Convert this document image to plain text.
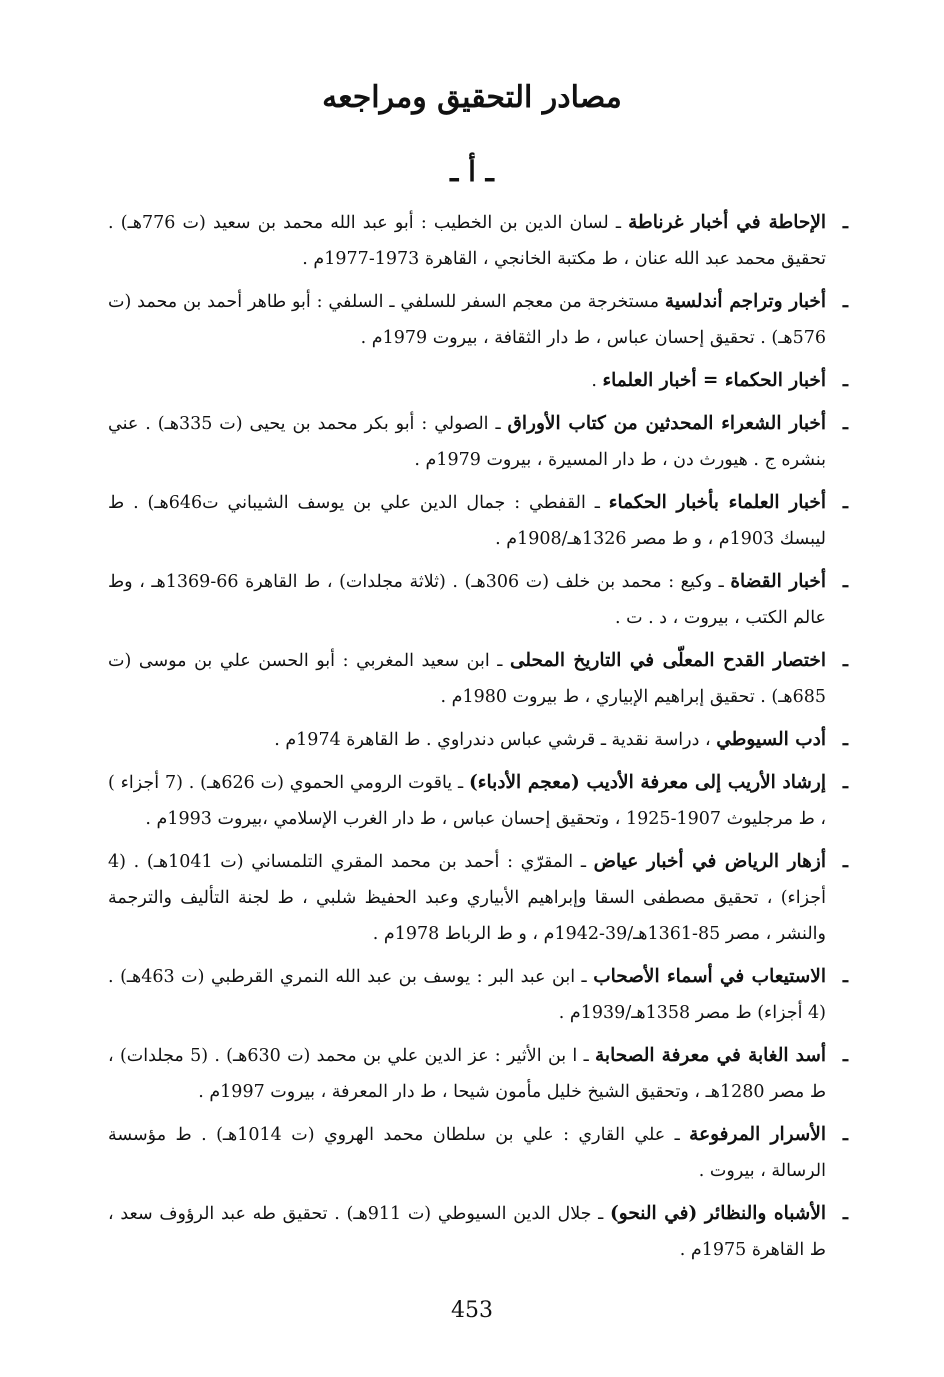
مصادر التحقيق ومراجعه
ـ أ ـ
ـ
الإحاطة في أخبار غرناطة ـ لسان الدين بن الخطيب : أبو عبد الله محمد بن سعيد (ت 776هـ) . تحقيق محمد عبد الله عنان ، ط مكتبة الخانجي ، القاهرة 1973-1977م .
ـ
أخبار وتراجم أندلسية مستخرجة من معجم السفر للسلفي ـ السلفي : أبو طاهر أحمد بن محمد (ت 576هـ) . تحقيق إحسان عباس ، ط دار الثقافة ، بيروت 1979م .
ـ
أخبار الحكماء = أخبار العلماء .
ـ
أخبار الشعراء المحدثين من كتاب الأوراق ـ الصولي : أبو بكر محمد بن يحيى (ت 335هـ) . عني بنشره ج . هيورث دن ، ط دار المسيرة ، بيروت 1979م .
ـ
أخبار العلماء بأخبار الحكماء ـ القفطي : جمال الدين علي بن يوسف الشيباني ت646هـ) . ط ليبسك 1903م ، و ط مصر 1326هـ/1908م .
ـ
أخبار القضاة ـ وكيع : محمد بن خلف (ت 306هـ) . (ثلاثة مجلدات) ، ط القاهرة 66-1369هـ ، وط عالم الكتب ، بيروت ، د . ت .
ـ
اختصار القدح المعلّى في التاريخ المحلى ـ ابن سعيد المغربي : أبو الحسن علي بن موسى (ت 685هـ) . تحقيق إبراهيم الإبياري ، ط بيروت 1980م .
ـ
أدب السيوطي ، دراسة نقدية ـ قرشي عباس دندراوي . ط القاهرة 1974م .
ـ
إرشاد الأريب إلى معرفة الأديب (معجم الأدباء) ـ ياقوت الرومي الحموي (ت 626هـ) . (7 أجزاء ) ، ط مرجليوث 1907-1925 ، وتحقيق إحسان عباس ، ط دار الغرب الإسلامي ،بيروت 1993م .
ـ
أزهار الرياض في أخبار عياض ـ المقرّي : أحمد بن محمد المقري التلمساني (ت 1041هـ) . (4 أجزاء) ، تحقيق مصطفى السقا وإبراهيم الأبياري وعبد الحفيظ شلبي ، ط لجنة التأليف والترجمة والنشر ، مصر 85-1361هـ/39-1942م ، و ط الرباط 1978م .
ـ
الاستيعاب في أسماء الأصحاب ـ ابن عبد البر : يوسف بن عبد الله النمري القرطبي (ت 463هـ) . (4 أجزاء) ط مصر 1358هـ/1939م .
ـ
أسد الغابة في معرفة الصحابة ـ ا بن الأثير : عز الدين علي بن محمد (ت 630هـ) . (5 مجلدات) ، ط مصر 1280هـ ، وتحقيق الشيخ خليل مأمون شيحا ، ط دار المعرفة ، بيروت 1997م .
ـ
الأسرار المرفوعة ـ علي القاري : علي بن سلطان محمد الهروي (ت 1014هـ) . ط مؤسسة الرسالة ، بيروت .
ـ
الأشباه والنظائر (في النحو) ـ جلال الدين السيوطي (ت 911هـ) . تحقيق طه عبد الرؤوف سعد ، ط القاهرة 1975م .
453
